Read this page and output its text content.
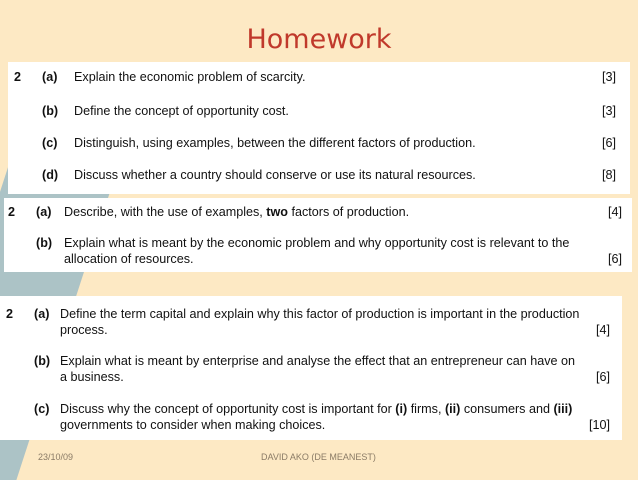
Homework
2 (a) Explain the economic problem of scarcity.	[3]
(b) Define the concept of opportunity cost.	[3]
(c) Distinguish, using examples, between the different factors of production.	[6]
(d) Discuss whether a country should conserve or use its natural resources.	[8]
2 (a) Describe, with the use of examples, two factors of production.	[4]
(b) Explain what is meant by the economic problem and why opportunity cost is relevant to the
allocation of resources.	[6]
2 (a) Define the term capital and explain why this factor of production is important in the production
process.	[4]
(b) Explain what is meant by enterprise and analyse the effect that an entrepreneur can have on
a business.	[6]
(c) Discuss why the concept of opportunity cost is important for (i) firms, (ii) consumers and (iii)
governments to consider when making choices.	[10]
23/10/09	DAVID AKO (DE MEANEST)
